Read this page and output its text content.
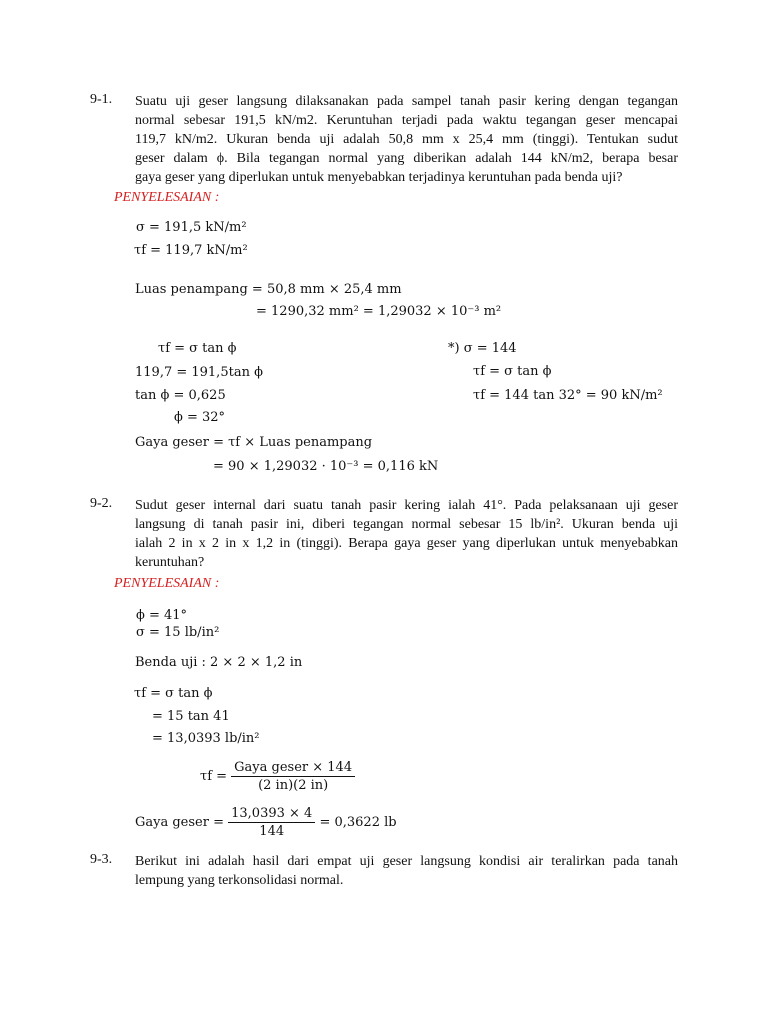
9-1. Suatu uji geser langsung dilaksanakan pada sampel tanah pasir kering dengan tegangan
normal sebesar 191,5 kN/m2. Keruntuhan terjadi pada waktu tegangan geser mencapai
119,7 kN/m2. Ukuran benda uji adalah 50,8 mm x 25,4 mm (tinggi). Tentukan sudut
geser dalam ϕ. Bila tegangan normal yang diberikan adalah 144 kN/m2, berapa besar
gaya geser yang diperlukan untuk menyebabkan terjadinya keruntuhan pada benda uji?
PENYELESAIAN :
σ = 191,5 kN/m²
τf = 119,7 kN/m²
Luas penampang = 50,8 mm × 25,4 mm
= 1290,32 mm² = 1,29032 × 10⁻³ m²
τf = σ tan ϕ
119,7 = 191,5tan ϕ
tan ϕ = 0,625
ϕ = 32°
*) σ = 144
τf = σ tan ϕ
τf = 144 tan 32° = 90 kN/m²
Gaya geser = τf × Luas penampang
= 90 × 1,29032 · 10⁻³ = 0,116 kN
9-2. Sudut geser internal dari suatu tanah pasir kering ialah 41°. Pada pelaksanaan uji geser
langsung di tanah pasir ini, diberi tegangan normal sebesar 15 lb/in². Ukuran benda uji
ialah 2 in x 2 in x 1,2 in (tinggi). Berapa gaya geser yang diperlukan untuk menyebabkan
keruntuhan?
PENYELESAIAN :
ϕ = 41°
σ = 15 lb/in²
Benda uji : 2 × 2 × 1,2 in
τf = σ tan ϕ
= 15 tan 41
= 13,0393 lb/in²
$\tau f = \frac{\text{Gaya geser × 144}}{(2 in)(2 in)}$
Gaya geser = $\frac{13,0393 \times 4}{144} = 0,3622$ lb
9-3. Berikut ini adalah hasil dari empat uji geser langsung kondisi air teralirkan pada tanah
lempung yang terkonsolidasi normal.
